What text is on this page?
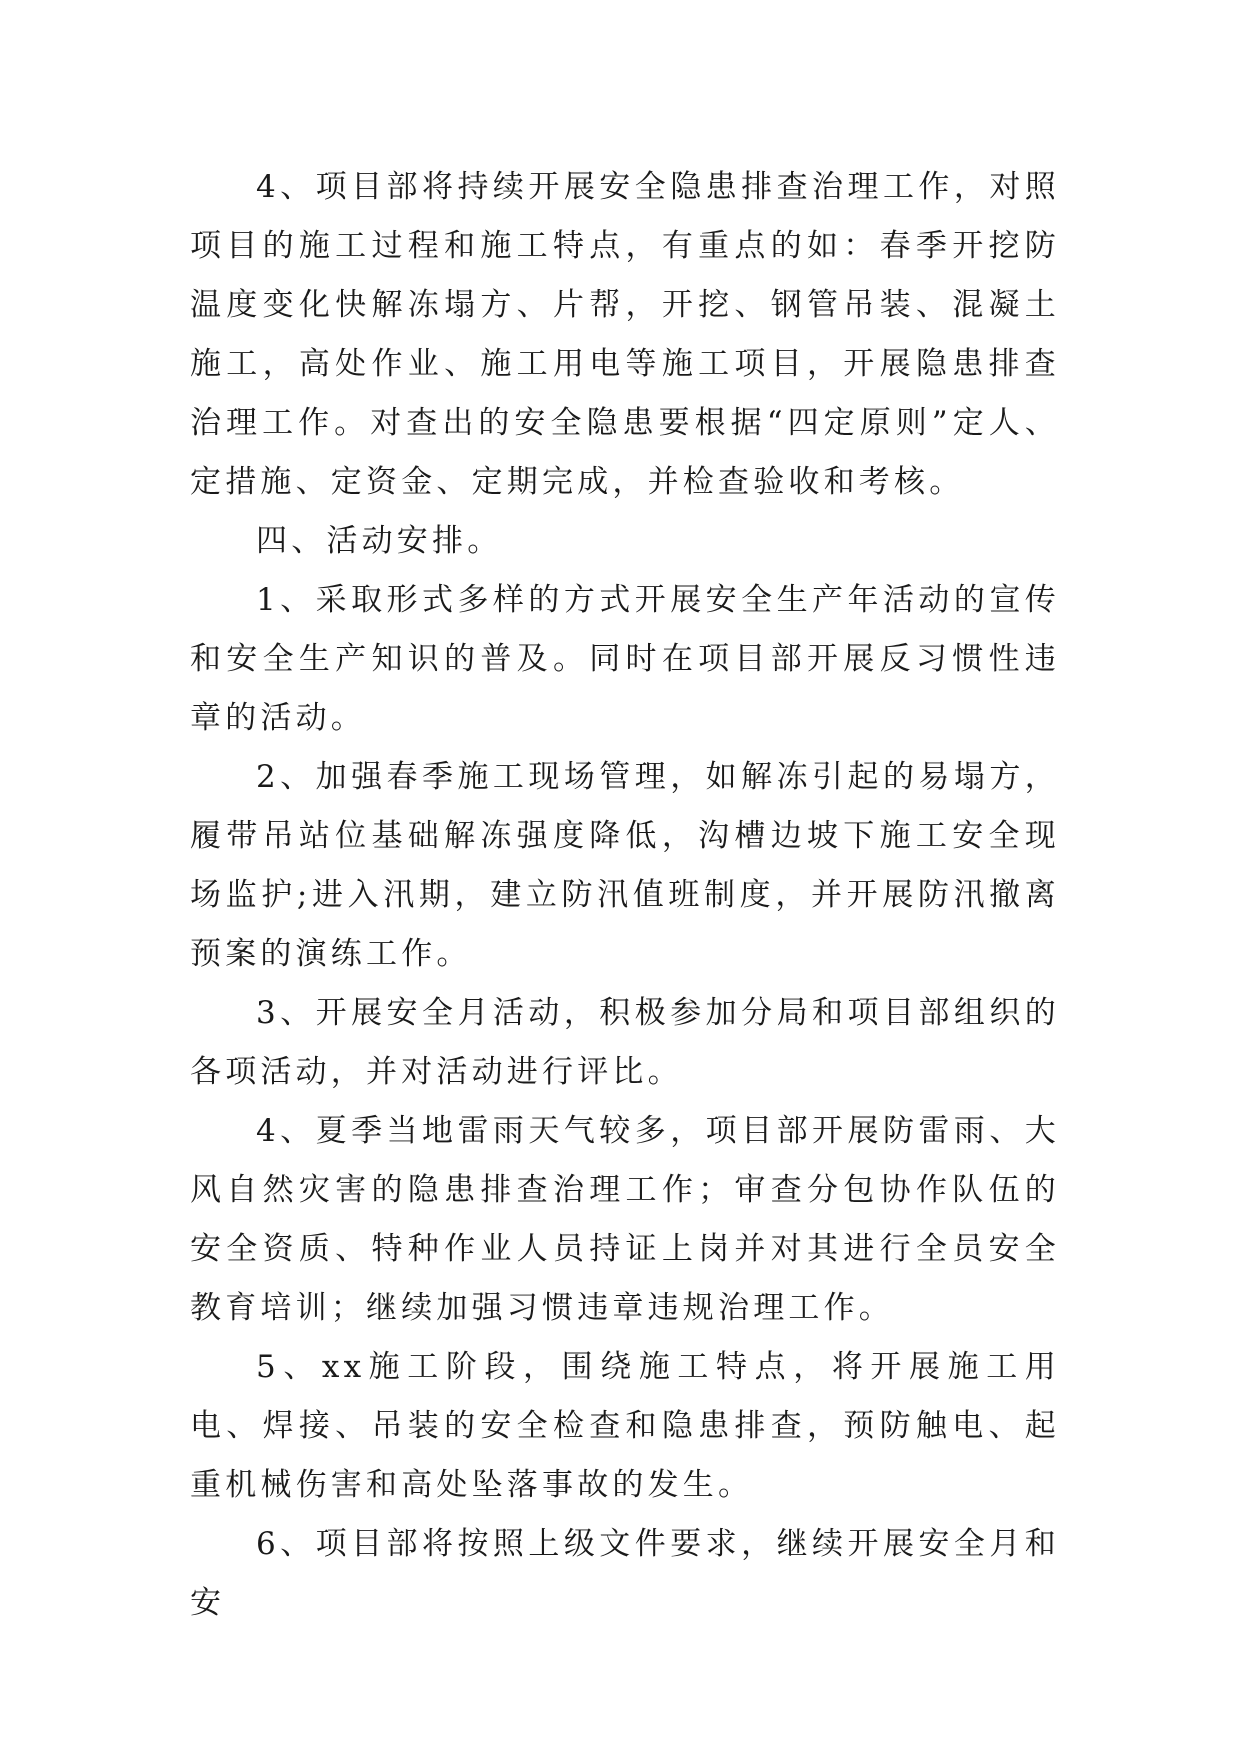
4、项目部将持续开展安全隐患排查治理工作，对照项目的施工过程和施工特点，有重点的如：春季开挖防温度变化快解冻塌方、片帮，开挖、钢管吊装、混凝土施工，高处作业、施工用电等施工项目，开展隐患排查治理工作。对查出的安全隐患要根据“四定原则”定人、定措施、定资金、定期完成，并检查验收和考核。

四、活动安排。

1、采取形式多样的方式开展安全生产年活动的宣传和安全生产知识的普及。同时在项目部开展反习惯性违章的活动。

2、加强春季施工现场管理，如解冻引起的易塌方，履带吊站位基础解冻强度降低，沟槽边坡下施工安全现场监护;进入汛期，建立防汛值班制度，并开展防汛撤离预案的演练工作。

3、开展安全月活动，积极参加分局和项目部组织的各项活动，并对活动进行评比。

4、夏季当地雷雨天气较多，项目部开展防雷雨、大风自然灾害的隐患排查治理工作；审查分包协作队伍的安全资质、特种作业人员持证上岗并对其进行全员安全教育培训；继续加强习惯违章违规治理工作。

5、xx施工阶段，围绕施工特点，将开展施工用电、焊接、吊装的安全检查和隐患排查，预防触电、起重机械伤害和高处坠落事故的发生。

6、项目部将按照上级文件要求，继续开展安全月和安
